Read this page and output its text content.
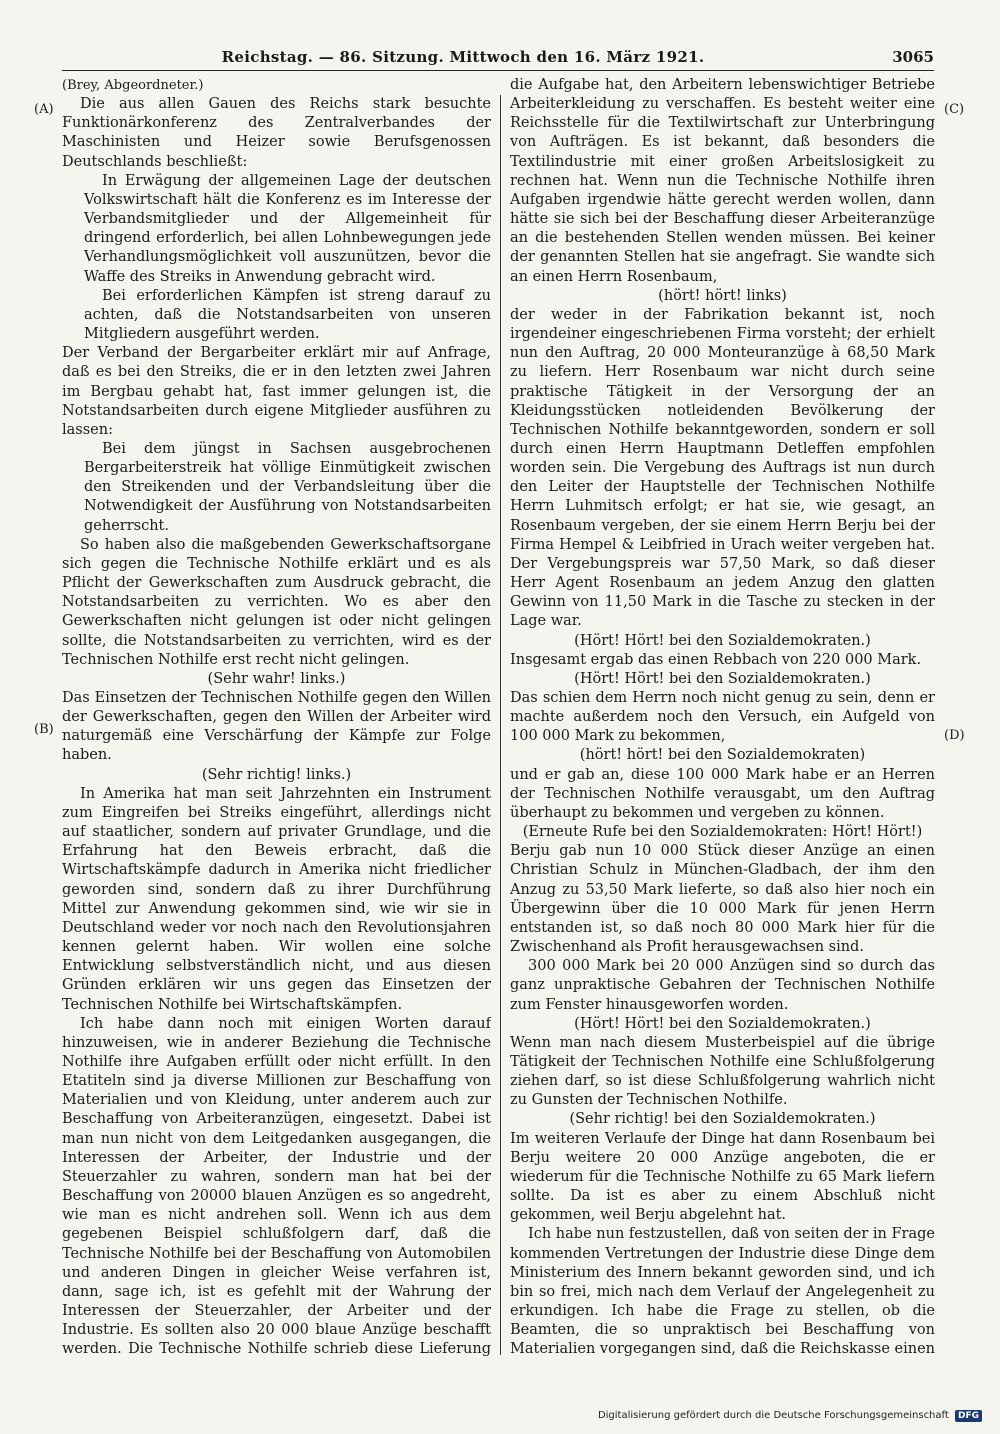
Reichstag. — 86. Sitzung. Mittwoch den 16. März 1921.	3065
(A)
(B)
(C)
(D)

(Brey, Abgeordneter.)

Die aus allen Gauen des Reichs stark besuchte Funktionärkonferenz des Zentralverbandes der Maschinisten und Heizer sowie Berufsgenossen Deutschlands beschließt:

In Erwägung der allgemeinen Lage der deutschen Volkswirtschaft hält die Konferenz es im Interesse der Verbandsmitglieder und der Allgemeinheit für dringend erforderlich, bei allen Lohnbewegungen jede Verhandlungsmöglichkeit voll auszunützen, bevor die Waffe des Streiks in Anwendung gebracht wird.

Bei erforderlichen Kämpfen ist streng darauf zu achten, daß die Notstandsarbeiten von unseren Mitgliedern ausgeführt werden.

Der Verband der Bergarbeiter erklärt mir auf Anfrage, daß es bei den Streiks, die er in den letzten zwei Jahren im Bergbau gehabt hat, fast immer gelungen ist, die Notstandsarbeiten durch eigene Mitglieder ausführen zu lassen:

Bei dem jüngst in Sachsen ausgebrochenen Bergarbeiterstreik hat völlige Einmütigkeit zwischen den Streikenden und der Verbandsleitung über die Notwendigkeit der Ausführung von Notstandsarbeiten geherrscht.

So haben also die maßgebenden Gewerkschaftsorgane sich gegen die Technische Nothilfe erklärt und es als Pflicht der Gewerkschaften zum Ausdruck gebracht, die Notstandsarbeiten zu verrichten. Wo es aber den Gewerkschaften nicht gelungen ist oder nicht gelingen sollte, die Notstandsarbeiten zu verrichten, wird es der Technischen Nothilfe erst recht nicht gelingen.

(Sehr wahr! links.)

Das Einsetzen der Technischen Nothilfe gegen den Willen der Gewerkschaften, gegen den Willen der Arbeiter wird naturgemäß eine Verschärfung der Kämpfe zur Folge haben.

(Sehr richtig! links.)

In Amerika hat man seit Jahrzehnten ein Instrument zum Eingreifen bei Streiks eingeführt, allerdings nicht auf staatlicher, sondern auf privater Grundlage, und die Erfahrung hat den Beweis erbracht, daß die Wirtschaftskämpfe dadurch in Amerika nicht friedlicher geworden sind, sondern daß zu ihrer Durchführung Mittel zur Anwendung gekommen sind, wie wir sie in Deutschland weder vor noch nach den Revolutionsjahren kennen gelernt haben. Wir wollen eine solche Entwicklung selbstverständlich nicht, und aus diesen Gründen erklären wir uns gegen das Einsetzen der Technischen Nothilfe bei Wirtschaftskämpfen.

Ich habe dann noch mit einigen Worten darauf hinzuweisen, wie in anderer Beziehung die Technische Nothilfe ihre Aufgaben erfüllt oder nicht erfüllt. In den Etatiteln sind ja diverse Millionen zur Beschaffung von Materialien und von Kleidung, unter anderem auch zur Beschaffung von Arbeiteranzügen, eingesetzt. Dabei ist man nun nicht von dem Leitgedanken ausgegangen, die Interessen der Arbeiter, der Industrie und der Steuerzahler zu wahren, sondern man hat bei der Beschaffung von 20000 blauen Anzügen es so angedreht, wie man es nicht andrehen soll. Wenn ich aus dem gegebenen Beispiel schlußfolgern darf, daß die Technische Nothilfe bei der Beschaffung von Automobilen und anderen Dingen in gleicher Weise verfahren ist, dann, sage ich, ist es gefehlt mit der Wahrung der Interessen der Steuerzahler, der Arbeiter und der Industrie. Es sollten also 20 000 blaue Anzüge beschafft werden. Die Technische Nothilfe schrieb diese Lieferung

die Aufgabe hat, den Arbeitern lebenswichtiger Betriebe Arbeiterkleidung zu verschaffen. Es besteht weiter eine Reichsstelle für die Textilwirtschaft zur Unterbringung von Aufträgen. Es ist bekannt, daß besonders die Textilindustrie mit einer großen Arbeitslosigkeit zu rechnen hat. Wenn nun die Technische Nothilfe ihren Aufgaben irgendwie hätte gerecht werden wollen, dann hätte sie sich bei der Beschaffung dieser Arbeiteranzüge an die bestehenden Stellen wenden müssen. Bei keiner der genannten Stellen hat sie angefragt. Sie wandte sich an einen Herrn Rosenbaum,

(hört! hört! links)

der weder in der Fabrikation bekannt ist, noch irgendeiner eingeschriebenen Firma vorsteht; der erhielt nun den Auftrag, 20 000 Monteuranzüge à 68,50 Mark zu liefern. Herr Rosenbaum war nicht durch seine praktische Tätigkeit in der Versorgung der an Kleidungsstücken notleidenden Bevölkerung der Technischen Nothilfe bekanntgeworden, sondern er soll durch einen Herrn Hauptmann Detleffen empfohlen worden sein. Die Vergebung des Auftrags ist nun durch den Leiter der Hauptstelle der Technischen Nothilfe Herrn Luhmitsch erfolgt; er hat sie, wie gesagt, an Rosenbaum vergeben, der sie einem Herrn Berju bei der Firma Hempel & Leibfried in Urach weiter vergeben hat. Der Vergebungspreis war 57,50 Mark, so daß dieser Herr Agent Rosenbaum an jedem Anzug den glatten Gewinn von 11,50 Mark in die Tasche zu stecken in der Lage war.

(Hört! Hört! bei den Sozialdemokraten.)

Insgesamt ergab das einen Rebbach von 220 000 Mark.

(Hört! Hört! bei den Sozialdemokraten.)

Das schien dem Herrn noch nicht genug zu sein, denn er machte außerdem noch den Versuch, ein Aufgeld von 100 000 Mark zu bekommen,

(hört! hört! bei den Sozialdemokraten)

und er gab an, diese 100 000 Mark habe er an Herren der Technischen Nothilfe verausgabt, um den Auftrag überhaupt zu bekommen und vergeben zu können.

(Erneute Rufe bei den Sozialdemokraten: Hört! Hört!)

Berju gab nun 10 000 Stück dieser Anzüge an einen Christian Schulz in München-Gladbach, der ihm den Anzug zu 53,50 Mark lieferte, so daß also hier noch ein Übergewinn über die 10 000 Mark für jenen Herrn entstanden ist, so daß noch 80 000 Mark hier für die Zwischenhand als Profit herausgewachsen sind.

300 000 Mark bei 20 000 Anzügen sind so durch das ganz unpraktische Gebahren der Technischen Nothilfe zum Fenster hinausgeworfen worden.

(Hört! Hört! bei den Sozialdemokraten.)

Wenn man nach diesem Musterbeispiel auf die übrige Tätigkeit der Technischen Nothilfe eine Schlußfolgerung ziehen darf, so ist diese Schlußfolgerung wahrlich nicht zu Gunsten der Technischen Nothilfe.

(Sehr richtig! bei den Sozialdemokraten.)

Im weiteren Verlaufe der Dinge hat dann Rosenbaum bei Berju weitere 20 000 Anzüge angeboten, die er wiederum für die Technische Nothilfe zu 65 Mark liefern sollte. Da ist es aber zu einem Abschluß nicht gekommen, weil Berju abgelehnt hat.

Ich habe nun festzustellen, daß von seiten der in Frage kommenden Vertretungen der Industrie diese Dinge dem Ministerium des Innern bekannt geworden sind, und ich bin so frei, mich nach dem Verlauf der Angelegenheit zu erkundigen. Ich habe die Frage zu stellen, ob die Beamten, die so unpraktisch bei Beschaffung von Materialien vorgegangen sind, daß die Reichskasse einen

Digitalisierung gefördert durch die Deutsche Forschungsgemeinschaft DFG
